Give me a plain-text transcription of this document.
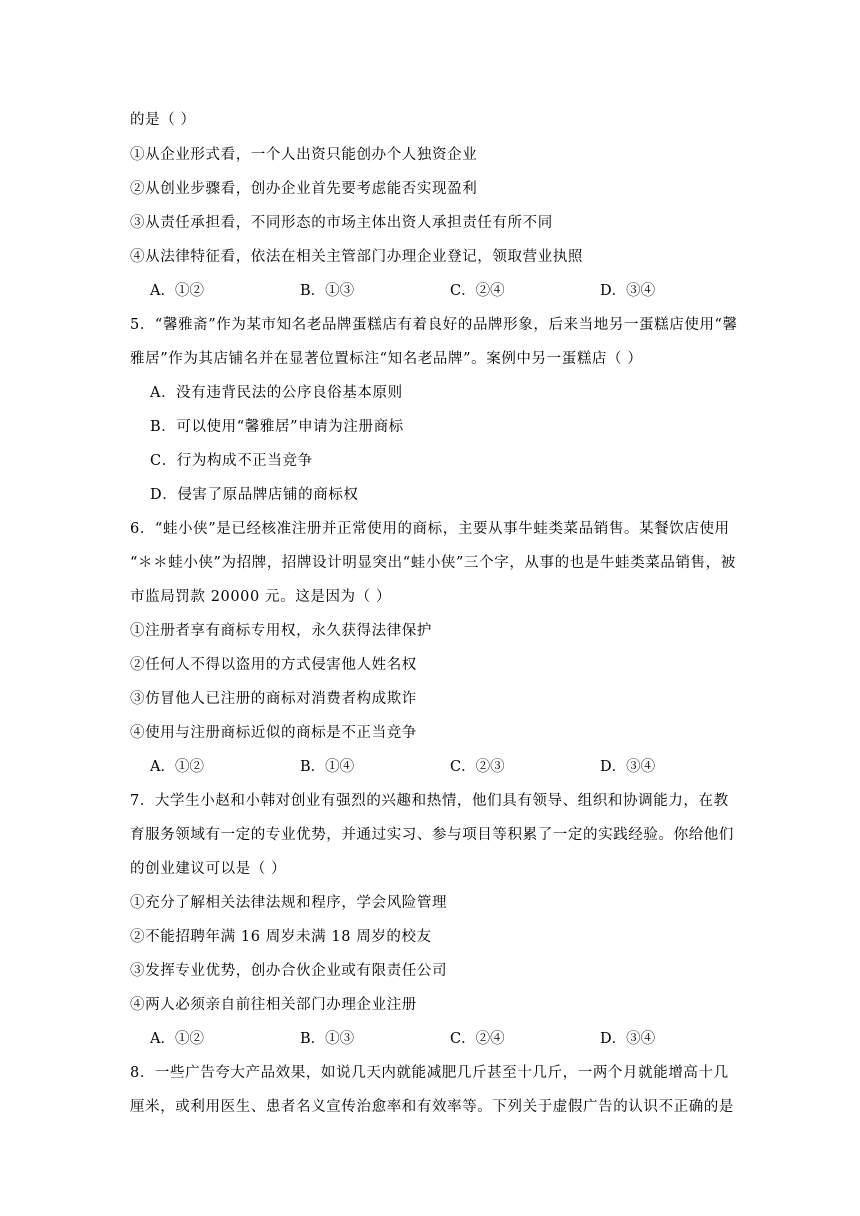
的是（ ）
①从企业形式看，一个人出资只能创办个人独资企业
②从创业步骤看，创办企业首先要考虑能否实现盈利
③从责任承担看，不同形态的市场主体出资人承担责任有所不同
④从法律特征看，依法在相关主管部门办理企业登记，领取营业执照
A．①②	B．①③	C．②④	D．③④
5．“馨雅斋”作为某市知名老品牌蛋糕店有着良好的品牌形象，后来当地另一蛋糕店使用“馨
雅居”作为其店铺名并在显著位置标注“知名老品牌”。案例中另一蛋糕店（ ）
A．没有违背民法的公序良俗基本原则
B．可以使用“馨雅居”申请为注册商标
C．行为构成不正当竞争
D．侵害了原品牌店铺的商标权
6．“蛙小侠”是已经核准注册并正常使用的商标，主要从事牛蛙类菜品销售。某餐饮店使用
“＊＊蛙小侠”为招牌，招牌设计明显突出“蛙小侠”三个字，从事的也是牛蛙类菜品销售，被
市监局罚款 20000 元。这是因为（ ）
①注册者享有商标专用权，永久获得法律保护
②任何人不得以盗用的方式侵害他人姓名权
③仿冒他人已注册的商标对消费者构成欺诈
④使用与注册商标近似的商标是不正当竞争
A．①②	B．①④	C．②③	D．③④
7．大学生小赵和小韩对创业有强烈的兴趣和热情，他们具有领导、组织和协调能力，在教
育服务领域有一定的专业优势，并通过实习、参与项目等积累了一定的实践经验。你给他们
的创业建议可以是（ ）
①充分了解相关法律法规和程序，学会风险管理
②不能招聘年满 16 周岁未满 18 周岁的校友
③发挥专业优势，创办合伙企业或有限责任公司
④两人必须亲自前往相关部门办理企业注册
A．①②	B．①③	C．②④	D．③④
8．一些广告夸大产品效果，如说几天内就能减肥几斤甚至十几斤，一两个月就能增高十几
厘米，或利用医生、患者名义宣传治愈率和有效率等。下列关于虚假广告的认识不正确的是
